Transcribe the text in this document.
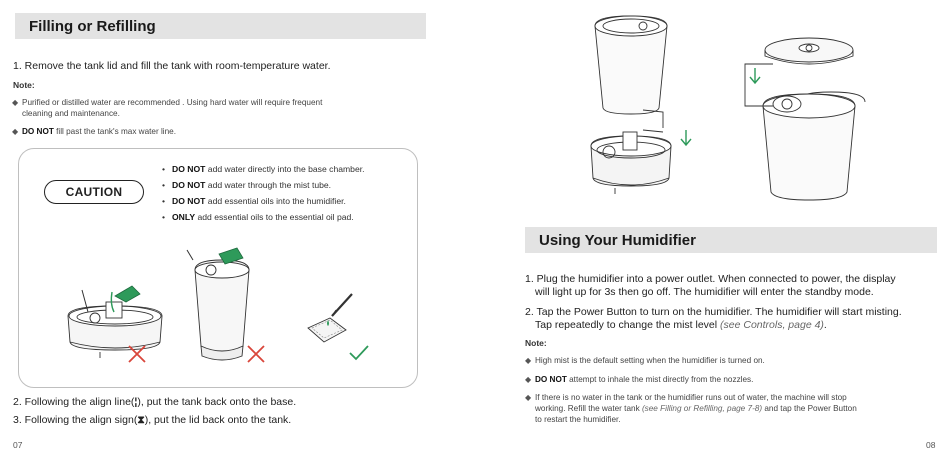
Filling or Refilling
1. Remove the tank lid and fill the tank with room-temperature water.
Note:
◆ Purified or distilled water are recommended . Using hard water will require frequent
cleaning and maintenance.
◆ DO NOT fill past the tank's max water line.
CAUTION
• DO NOT add water directly into the base chamber.
• DO NOT add water through the mist tube.
• DO NOT add essential oils into the humidifier.
• ONLY add essential oils to the essential oil pad.
2. Following the align line(¦), put the tank back onto the base.
3. Following the align sign(⧗), put the lid back onto the tank.
07
Using Your Humidifier
1. Plug the humidifier into a power outlet. When connected to power, the display
will light up for 3s then go off. The humidifier will enter the standby mode.
2. Tap the Power Button to turn on the humidifier. The humidifier will start misting.
Tap repeatedly to change the mist level (see Controls, page 4).
Note:
◆ High mist is the default setting when the humidifier is turned on.
◆ DO NOT attempt to inhale the mist directly from the nozzles.
◆ If there is no water in the tank or the humidifier runs out of water, the machine will stop
working. Refill the water tank (see Filling or Refilling, page 7-8) and tap the Power Button
to restart the humidifier.
08
